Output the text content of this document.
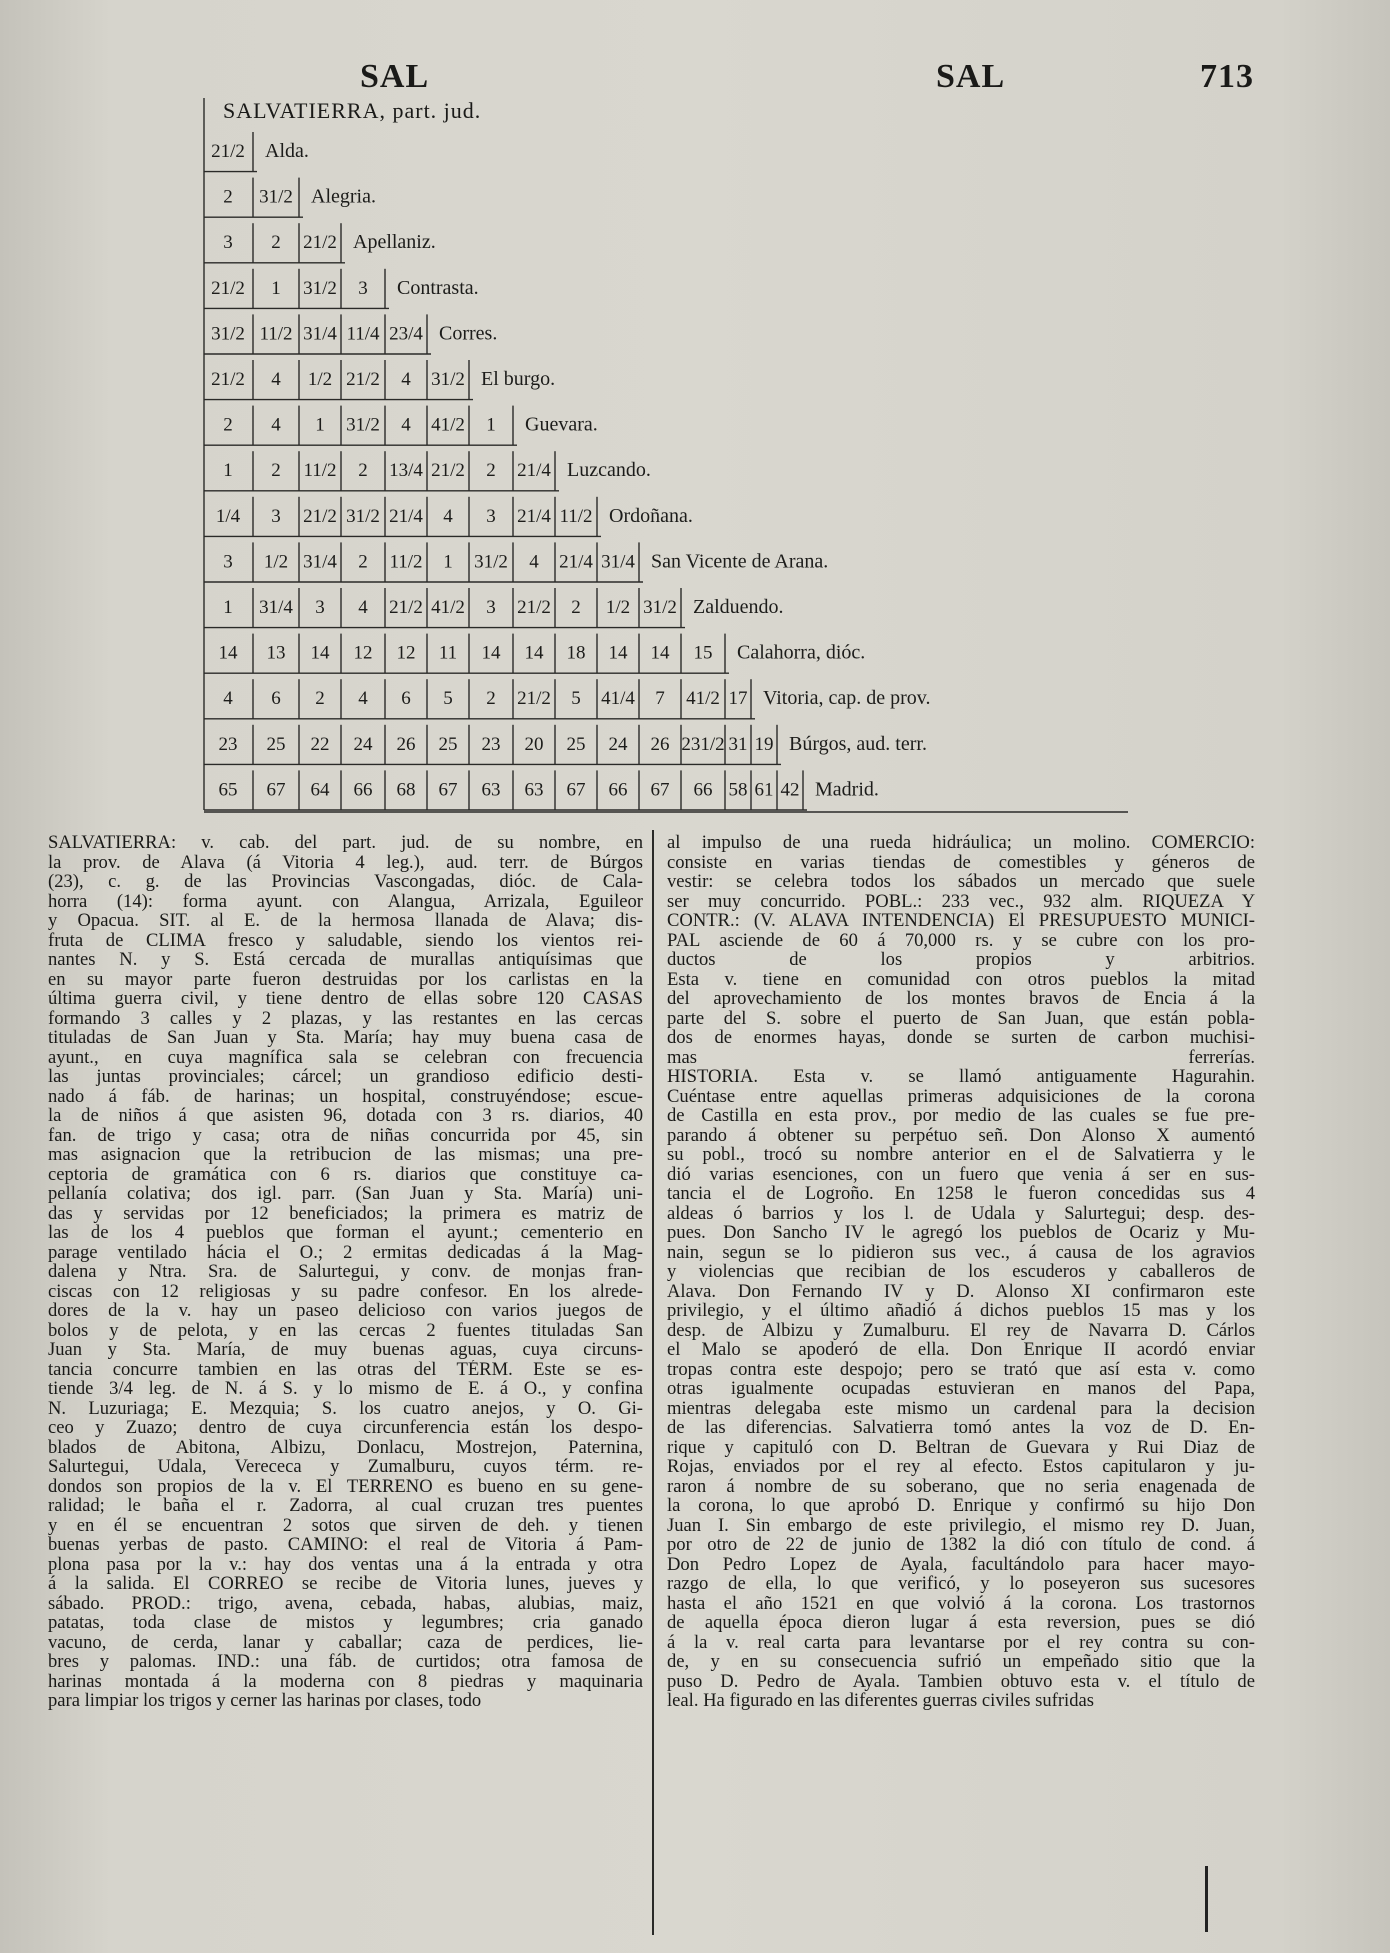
SAL	SAL	713
21/2 Alda.
2 31/2 Alegria.
3 2 21/2 Apellaniz.
21/2 1 31/2 3 Contrasta.
31/2 11/2 31/4 11/4 23/4 Corres.
21/2 4 1/2 21/2 4 31/2 El burgo.
2 4 1 31/2 4 41/2 1 Guevara.
1 2 11/2 2 13/4 21/2 2 21/4 Luzcando.
1/4 3 21/2 31/2 21/4 4 3 21/4 11/2 Ordoñana.
3 1/2 31/4 2 11/2 1 31/2 4 21/4 31/4 San Vicente de Arana.
1 31/4 3 4 21/2 41/2 3 21/2 2 1/2 31/2 Zalduendo.
14 13 14 12 12 11 14 14 18 14 14 15 Calahorra, dióc.
4 6 2 4 6 5 2 21/2 5 41/4 7 41/2 17 Vitoria, cap. de prov.
23 25 22 24 26 25 23 20 25 24 26 231/2 31 19 Búrgos, aud. terr.
65 67 64 66 68 67 63 63 67 66 67 66 58 61 42 Madrid.
SALVATIERRA, part. jud.
SALVATIERRA: v. cab. del part. jud. de su nombre, en
la prov. de Alava (á Vitoria 4 leg.), aud. terr. de Búrgos
(23), c. g. de las Provincias Vascongadas, dióc. de Cala-
horra (14): forma ayunt. con Alangua, Arrizala, Eguileor
y Opacua. SIT. al E. de la hermosa llanada de Alava; dis-
fruta de CLIMA fresco y saludable, siendo los vientos rei-
nantes N. y S. Está cercada de murallas antiquísimas que
en su mayor parte fueron destruidas por los carlistas en la
última guerra civil, y tiene dentro de ellas sobre 120 CASAS
formando 3 calles y 2 plazas, y las restantes en las cercas
tituladas de San Juan y Sta. María; hay muy buena casa de
ayunt., en cuya magnífica sala se celebran con frecuencia
las juntas provinciales; cárcel; un grandioso edificio desti-
nado á fáb. de harinas; un hospital, construyéndose; escue-
la de niños á que asisten 96, dotada con 3 rs. diarios, 40
fan. de trigo y casa; otra de niñas concurrida por 45, sin
mas asignacion que la retribucion de las mismas; una pre-
ceptoria de gramática con 6 rs. diarios que constituye ca-
pellanía colativa; dos igl. parr. (San Juan y Sta. María) uni-
das y servidas por 12 beneficiados; la primera es matriz de
las de los 4 pueblos que forman el ayunt.; cementerio en
parage ventilado hácia el O.; 2 ermitas dedicadas á la Mag-
dalena y Ntra. Sra. de Salurtegui, y conv. de monjas fran-
ciscas con 12 religiosas y su padre confesor. En los alrede-
dores de la v. hay un paseo delicioso con varios juegos de
bolos y de pelota, y en las cercas 2 fuentes tituladas San
Juan y Sta. María, de muy buenas aguas, cuya circuns-
tancia concurre tambien en las otras del TÉRM. Este se es-
tiende 3/4 leg. de N. á S. y lo mismo de E. á O., y confina
N. Luzuriaga; E. Mezquia; S. los cuatro anejos, y O. Gi-
ceo y Zuazo; dentro de cuya circunferencia están los despo-
blados de Abitona, Albizu, Donlacu, Mostrejon, Paternina,
Salurtegui, Udala, Verececa y Zumalburu, cuyos térm. re-
dondos son propios de la v. El TERRENO es bueno en su gene-
ralidad; le baña el r. Zadorra, al cual cruzan tres puentes
y en él se encuentran 2 sotos que sirven de deh. y tienen
buenas yerbas de pasto. CAMINO: el real de Vitoria á Pam-
plona pasa por la v.: hay dos ventas una á la entrada y otra
á la salida. El CORREO se recibe de Vitoria lunes, jueves y
sábado. PROD.: trigo, avena, cebada, habas, alubias, maiz,
patatas, toda clase de mistos y legumbres; cria ganado
vacuno, de cerda, lanar y caballar; caza de perdices, lie-
bres y palomas. IND.: una fáb. de curtidos; otra famosa de
harinas montada á la moderna con 8 piedras y maquinaria
para limpiar los trigos y cerner las harinas por clases, todo
al impulso de una rueda hidráulica; un molino. COMERCIO:
consiste en varias tiendas de comestibles y géneros de
vestir: se celebra todos los sábados un mercado que suele
ser muy concurrido. POBL.: 233 vec., 932 alm. RIQUEZA Y
CONTR.: (V. ALAVA INTENDENCIA) El PRESUPUESTO MUNICI-
PAL asciende de 60 á 70,000 rs. y se cubre con los pro-
ductos de los propios y arbitrios.
Esta v. tiene en comunidad con otros pueblos la mitad
del aprovechamiento de los montes bravos de Encia á la
parte del S. sobre el puerto de San Juan, que están pobla-
dos de enormes hayas, donde se surten de carbon muchisi-
mas ferrerías.
HISTORIA. Esta v. se llamó antiguamente Hagurahin.
Cuéntase entre aquellas primeras adquisiciones de la corona
de Castilla en esta prov., por medio de las cuales se fue pre-
parando á obtener su perpétuo señ. Don Alonso X aumentó
su pobl., trocó su nombre anterior en el de Salvatierra y le
dió varias esenciones, con un fuero que venia á ser en sus-
tancia el de Logroño. En 1258 le fueron concedidas sus 4
aldeas ó barrios y los l. de Udala y Salurtegui; desp. des-
pues. Don Sancho IV le agregó los pueblos de Ocariz y Mu-
nain, segun se lo pidieron sus vec., á causa de los agravios
y violencias que recibian de los escuderos y caballeros de
Alava. Don Fernando IV y D. Alonso XI confirmaron este
privilegio, y el último añadió á dichos pueblos 15 mas y los
desp. de Albizu y Zumalburu. El rey de Navarra D. Cárlos
el Malo se apoderó de ella. Don Enrique II acordó enviar
tropas contra este despojo; pero se trató que así esta v. como
otras igualmente ocupadas estuvieran en manos del Papa,
mientras delegaba este mismo un cardenal para la decision
de las diferencias. Salvatierra tomó antes la voz de D. En-
rique y capituló con D. Beltran de Guevara y Rui Diaz de
Rojas, enviados por el rey al efecto. Estos capitularon y ju-
raron á nombre de su soberano, que no seria enagenada de
la corona, lo que aprobó D. Enrique y confirmó su hijo Don
Juan I. Sin embargo de este privilegio, el mismo rey D. Juan,
por otro de 22 de junio de 1382 la dió con título de cond. á
Don Pedro Lopez de Ayala, facultándolo para hacer mayo-
razgo de ella, lo que verificó, y lo poseyeron sus sucesores
hasta el año 1521 en que volvió á la corona. Los trastornos
de aquella época dieron lugar á esta reversion, pues se dió
á la v. real carta para levantarse por el rey contra su con-
de, y en su consecuencia sufrió un empeñado sitio que la
puso D. Pedro de Ayala. Tambien obtuvo esta v. el título de
leal. Ha figurado en las diferentes guerras civiles sufridas
